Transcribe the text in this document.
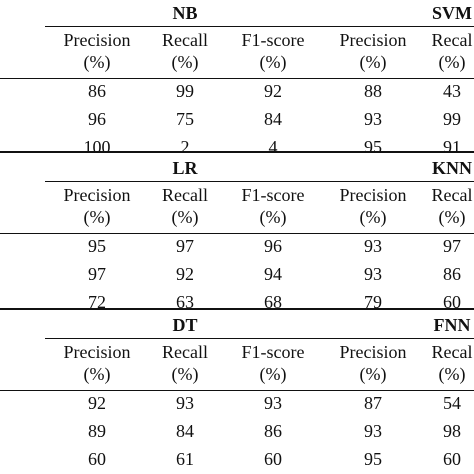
NB	SVM
Precision
(%)
Recall
(%)
F1-score
(%)
Precision
(%)
Recal
(%)
86	99	92	88	43
96	75	84	93	99
100	2	4	95	91
LR	KNN
Precision
(%)
Recall
(%)
F1-score
(%)
Precision
(%)
Recal
(%)
95	97	96	93	97
97	92	94	93	86
72	63	68	79	60
DT	FNN
Precision
(%)
Recall
(%)
F1-score
(%)
Precision
(%)
Recal
(%)
92	93	93	87	54
89	84	86	93	98
60	61	60	95	60
